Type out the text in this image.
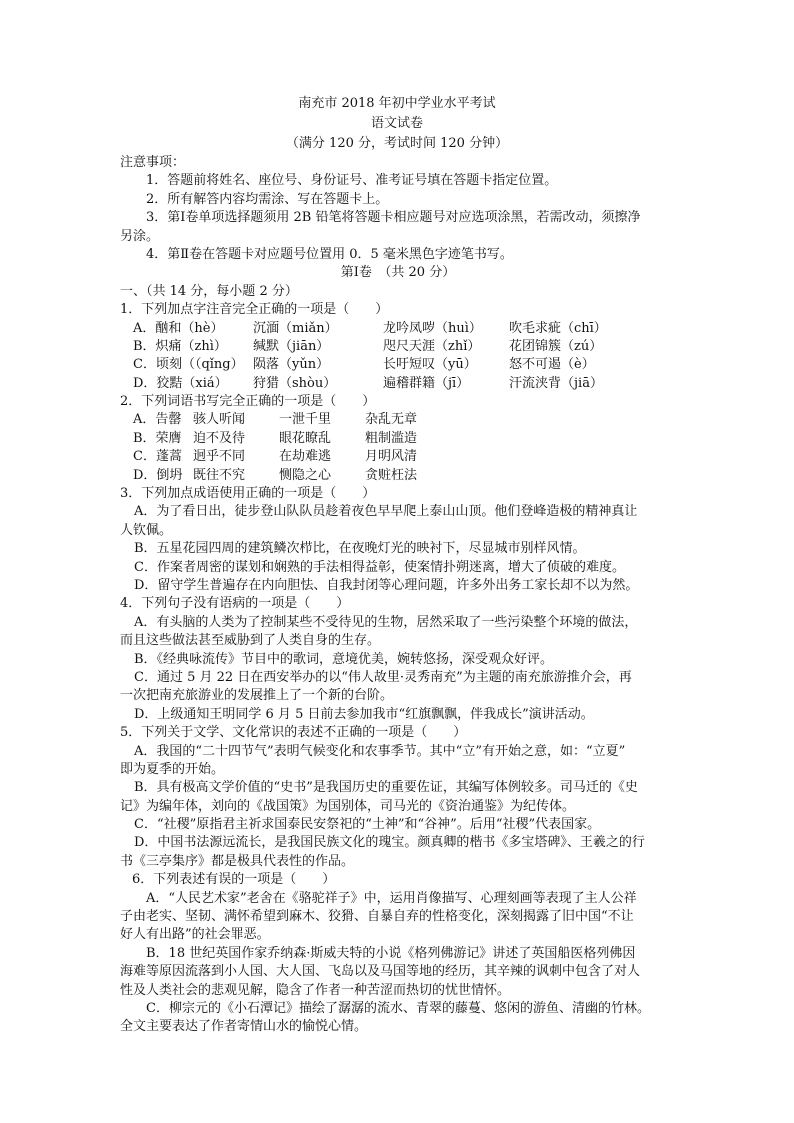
南充市 2018 年初中学业水平考试
语文试卷
（满分 120 分，考试时间 120 分钟）
注意事项：
1．答题前将姓名、座位号、身份证号、准考证号填在答题卡指定位置。
2．所有解答内容均需涂、写在答题卡上。
3．第Ⅰ卷单项选择题须用 2B 铅笔将答题卡相应题号对应选项涂黑，若需改动，须擦净
另涂。
4．第Ⅱ卷在答题卡对应题号位置用 0．5 毫米黑色字迹笔书写。
第Ⅰ卷　（共 20 分）
一、（共 14 分，每小题 2 分）
1．下列加点字注音完全正确的一项是（　　）
A．酗和（hè）	沉湎（miǎn）	龙吟凤哕（huì）	吹毛求疵（chī）
B．炽痛（zhì）	缄默（jiān）	咫尺天涯（zhǐ）	花团锦簇（zú）
C．顷刻（（qǐng） 陨落（yǔn）	长吁短叹（yū）	怒不可遏（è）
D．狡黠（xiá）	狩猎（shòu）	遍稽群籍（jī）	汗流浃背（jiā）
2．下列词语书写完全正确的一项是（　　）
A．告罄 骇人听闻	一泄千里	杂乱无章
B．荣膺 迫不及待	眼花瞭乱	粗制滥造
C．蓬蒿 迥乎不同	在劫难逃	月明风清
D．倒坍 既往不究	恻隐之心	贪赃枉法
3．下列加点成语使用正确的一项是（　　）
A．为了看日出，徒步登山队队员趁着夜色早早爬上泰山山顶。他们登峰造极的精神真让
人钦佩。
B．五星花园四周的建筑鳞次栉比，在夜晚灯光的映衬下，尽显城市别样风情。
C．作案者周密的谋划和娴熟的手法相得益彰，使案情扑朔迷离，增大了侦破的难度。
D．留守学生普遍存在内向胆怯、自我封闭等心理问题，许多外出务工家长却不以为然。
4．下列句子没有语病的一项是（　　）
A．有头脑的人类为了控制某些不受待见的生物，居然采取了一些污染整个环境的做法，
而且这些做法甚至威胁到了人类自身的生存。
B．《经典咏流传》节目中的歌词，意境优美，婉转悠扬，深受观众好评。
C．通过 5 月 22 日在西安举办的以“伟人故里·灵秀南充”为主题的南充旅游推介会，再
一次把南充旅游业的发展推上了一个新的台阶。
D．上级通知王明同学 6 月 5 日前去参加我市“红旗飘飘，伴我成长”演讲活动。
5．下列关于文学、文化常识的表述不正确的一项是（　　）
A．我国的“二十四节气”表明气候变化和农事季节。其中“立”有开始之意，如：“立夏”
即为夏季的开始。
B．具有极高文学价值的“史书”是我国历史的重要佐证，其编写体例较多。司马迁的《史
记》为编年体，刘向的《战国策》为国别体，司马光的《资治通鉴》为纪传体。
C．“社稷”原指君主祈求国泰民安祭祀的“土神”和“谷神”。后用“社稷”代表国家。
D．中国书法源远流长，是我国民族文化的瑰宝。颜真卿的楷书《多宝塔碑》、王羲之的行
书《三亭集序》都是极具代表性的作品。
6．下列表述有误的一项是（　　）
A．“人民艺术家”老舍在《骆驼祥子》中，运用肖像描写、心理刻画等表现了主人公祥
子由老实、坚韧、满怀希望到麻木、狡猾、自暴自弃的性格变化，深刻揭露了旧中国“不让
好人有出路”的社会罪恶。
B．18 世纪英国作家乔纳森·斯威夫特的小说《格列佛游记》讲述了英国船医格列佛因
海难等原因流落到小人国、大人国、飞岛以及马国等地的经历，其辛辣的讽刺中包含了对人
性及人类社会的悲观见解，隐含了作者一种苦涩而热切的忧世情怀。
C．柳宗元的《小石潭记》描绘了潺潺的流水、青翠的藤蔓、悠闲的游鱼、清幽的竹林。
全文主要表达了作者寄情山水的愉悦心情。
